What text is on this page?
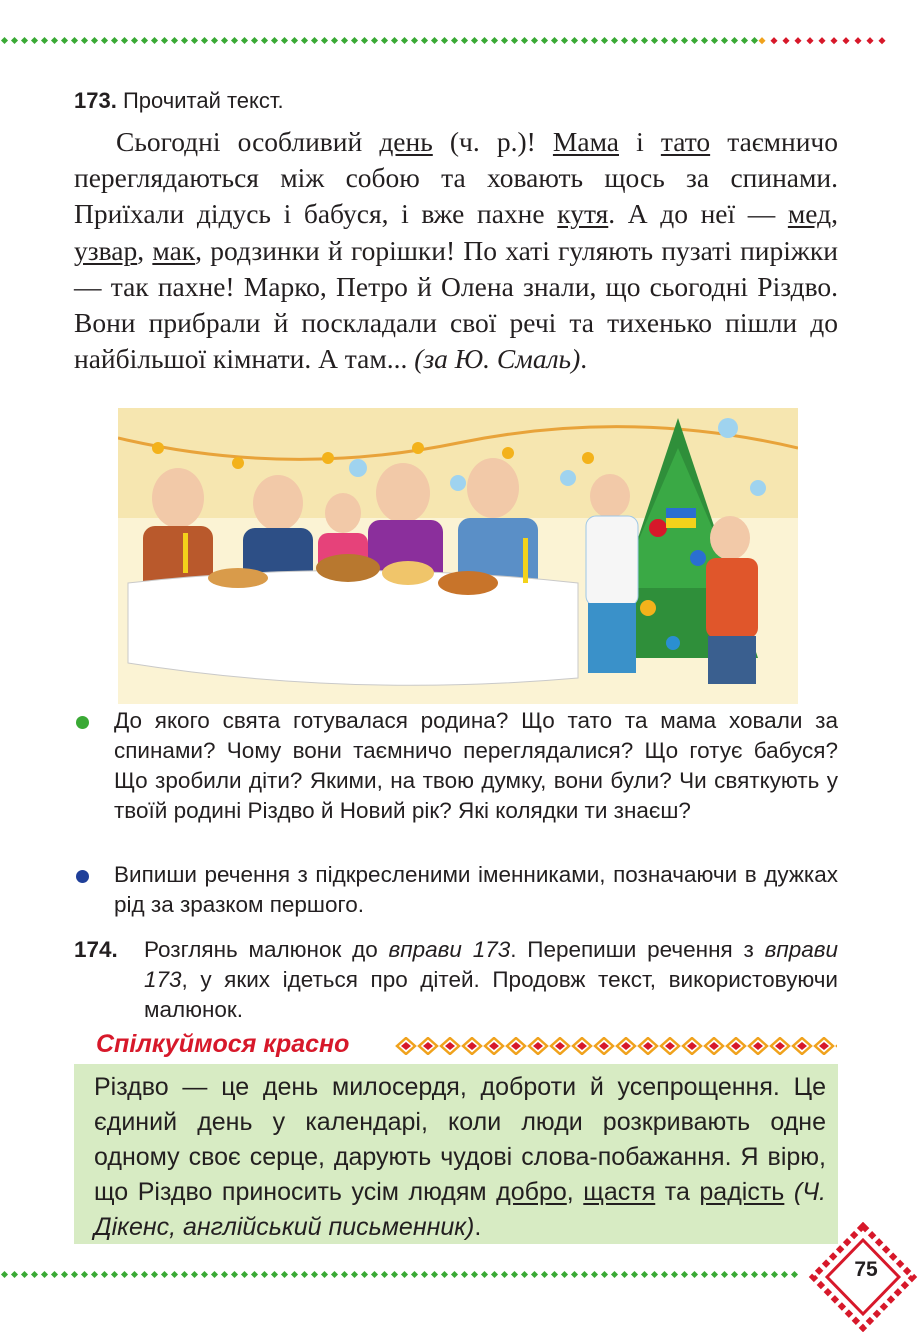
173. Прочитай текст.

Сьогодні особливий день (ч. р.)! Мама і тато таємничо переглядаються між собою та ховають щось за спинами. Приїхали дідусь і бабуся, і вже пахне кутя. А до неї — мед, узвар, мак, родзинки й горішки! По хаті гуляють пузаті пиріжки — так пахне! Марко, Петро й Олена знали, що сьогодні Різдво. Вони прибрали й поскладали свої речі та тихенько пішли до найбільшої кімнати. А там... (за Ю. Смаль).

До якого свята готувалася родина? Що тато та мама ховали за спинами? Чому вони таємничо переглядалися? Що готує бабуся? Що зробили діти? Якими, на твою думку, вони були? Чи святкують у твоїй родині Різдво й Новий рік? Які колядки ти знаєш?
Випиши речення з підкресленими іменниками, позначаючи в дужках рід за зразком першого.
174. Розглянь малюнок до вправи 173. Перепиши речення з вправи 173, у яких ідеться про дітей. Продовж текст, використовуючи малюнок.
Спілкуймося красно
Різдво — це день милосердя, доброти й усепрощення. Це єдиний день у календарі, коли люди розкривають одне одному своє серце, дарують чудові слова-побажання. Я вірю, що Різдво приносить усім людям добро, щастя та радість (Ч. Дікенс, англійський письменник).
75
